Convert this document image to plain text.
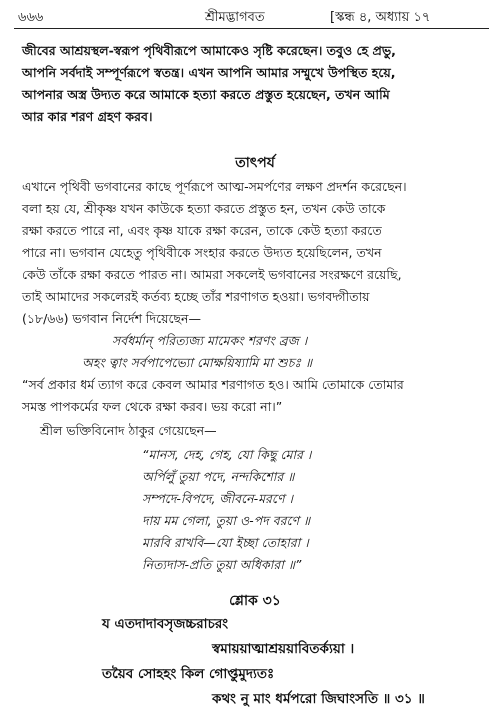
৬৬৬	শ্রীমদ্ভাগবত	[স্কন্ধ ৪, অধ্যায় ১৭
জীবের আশ্রয়স্থল-স্বরূপ পৃথিবীরূপে আমাকেও সৃষ্টি করেছেন। তবুও হে প্রভু,
আপনি সর্বদাই সম্পূর্ণরূপে স্বতন্ত্র। এখন আপনি আমার সম্মুখে উপস্থিত হয়ে,
আপনার অস্ত্র উদ্যত করে আমাকে হত্যা করতে প্রস্তুত হয়েছেন, তখন আমি
আর কার শরণ গ্রহণ করব।
তাৎপর্য
এখানে পৃথিবী ভগবানের কাছে পূর্ণরূপে আত্ম-সমর্পণের লক্ষণ প্রদর্শন করেছেন।
বলা হয় যে, শ্রীকৃষ্ণ যখন কাউকে হত্যা করতে প্রস্তুত হন, তখন কেউ তাকে
রক্ষা করতে পারে না, এবং কৃষ্ণ যাকে রক্ষা করেন, তাকে কেউ হত্যা করতে
পারে না। ভগবান যেহেতু পৃথিবীকে সংহার করতে উদ্যত হয়েছিলেন, তখন
কেউ তাঁকে রক্ষা করতে পারত না। আমরা সকলেই ভগবানের সংরক্ষণে রয়েছি,
তাই আমাদের সকলেরই কর্তব্য হচ্ছে তাঁর শরণাগত হওয়া। ভগবদ্গীতায়
(১৮/৬৬) ভগবান নির্দেশ দিয়েছেন—
সর্বধর্মান্ পরিত্যজ্য মামেকং শরণং ব্রজ ।
অহং ত্বাং সর্বপাপেভ্যো মোক্ষয়িষ্যামি মা শুচঃ ॥
“সর্ব প্রকার ধর্ম ত্যাগ করে কেবল আমার শরণাগত হও। আমি তোমাকে তোমার
সমস্ত পাপকর্মের ফল থেকে রক্ষা করব। ভয় করো না।”
শ্রীল ভক্তিবিনোদ ঠাকুর গেয়েছেন—
“মানস, দেহ, গেহ, যো কিছু মোর ।
অর্পিলুঁ তুয়া পদে, নন্দকিশোর ॥
সম্পদে-বিপদে, জীবনে-মরণে ।
দায় মম গেলা, তুয়া ও-পদ বরণে ॥
মারবি রাখবি—যো ইচ্ছা তোহারা ।
নিত্যদাস-প্রতি তুয়া অধিকারা ॥”
শ্লোক ৩১
য এতদাদাবসৃজচ্চরাচরং
স্বমায়য়াত্মাশ্রয়য়াবিতর্ক্যয়া ।
তয়ৈব সোহহং কিল গোপ্তুমুদ্যতঃ
কথং নু মাং ধর্মপরো জিঘাংসতি ॥ ৩১ ॥
